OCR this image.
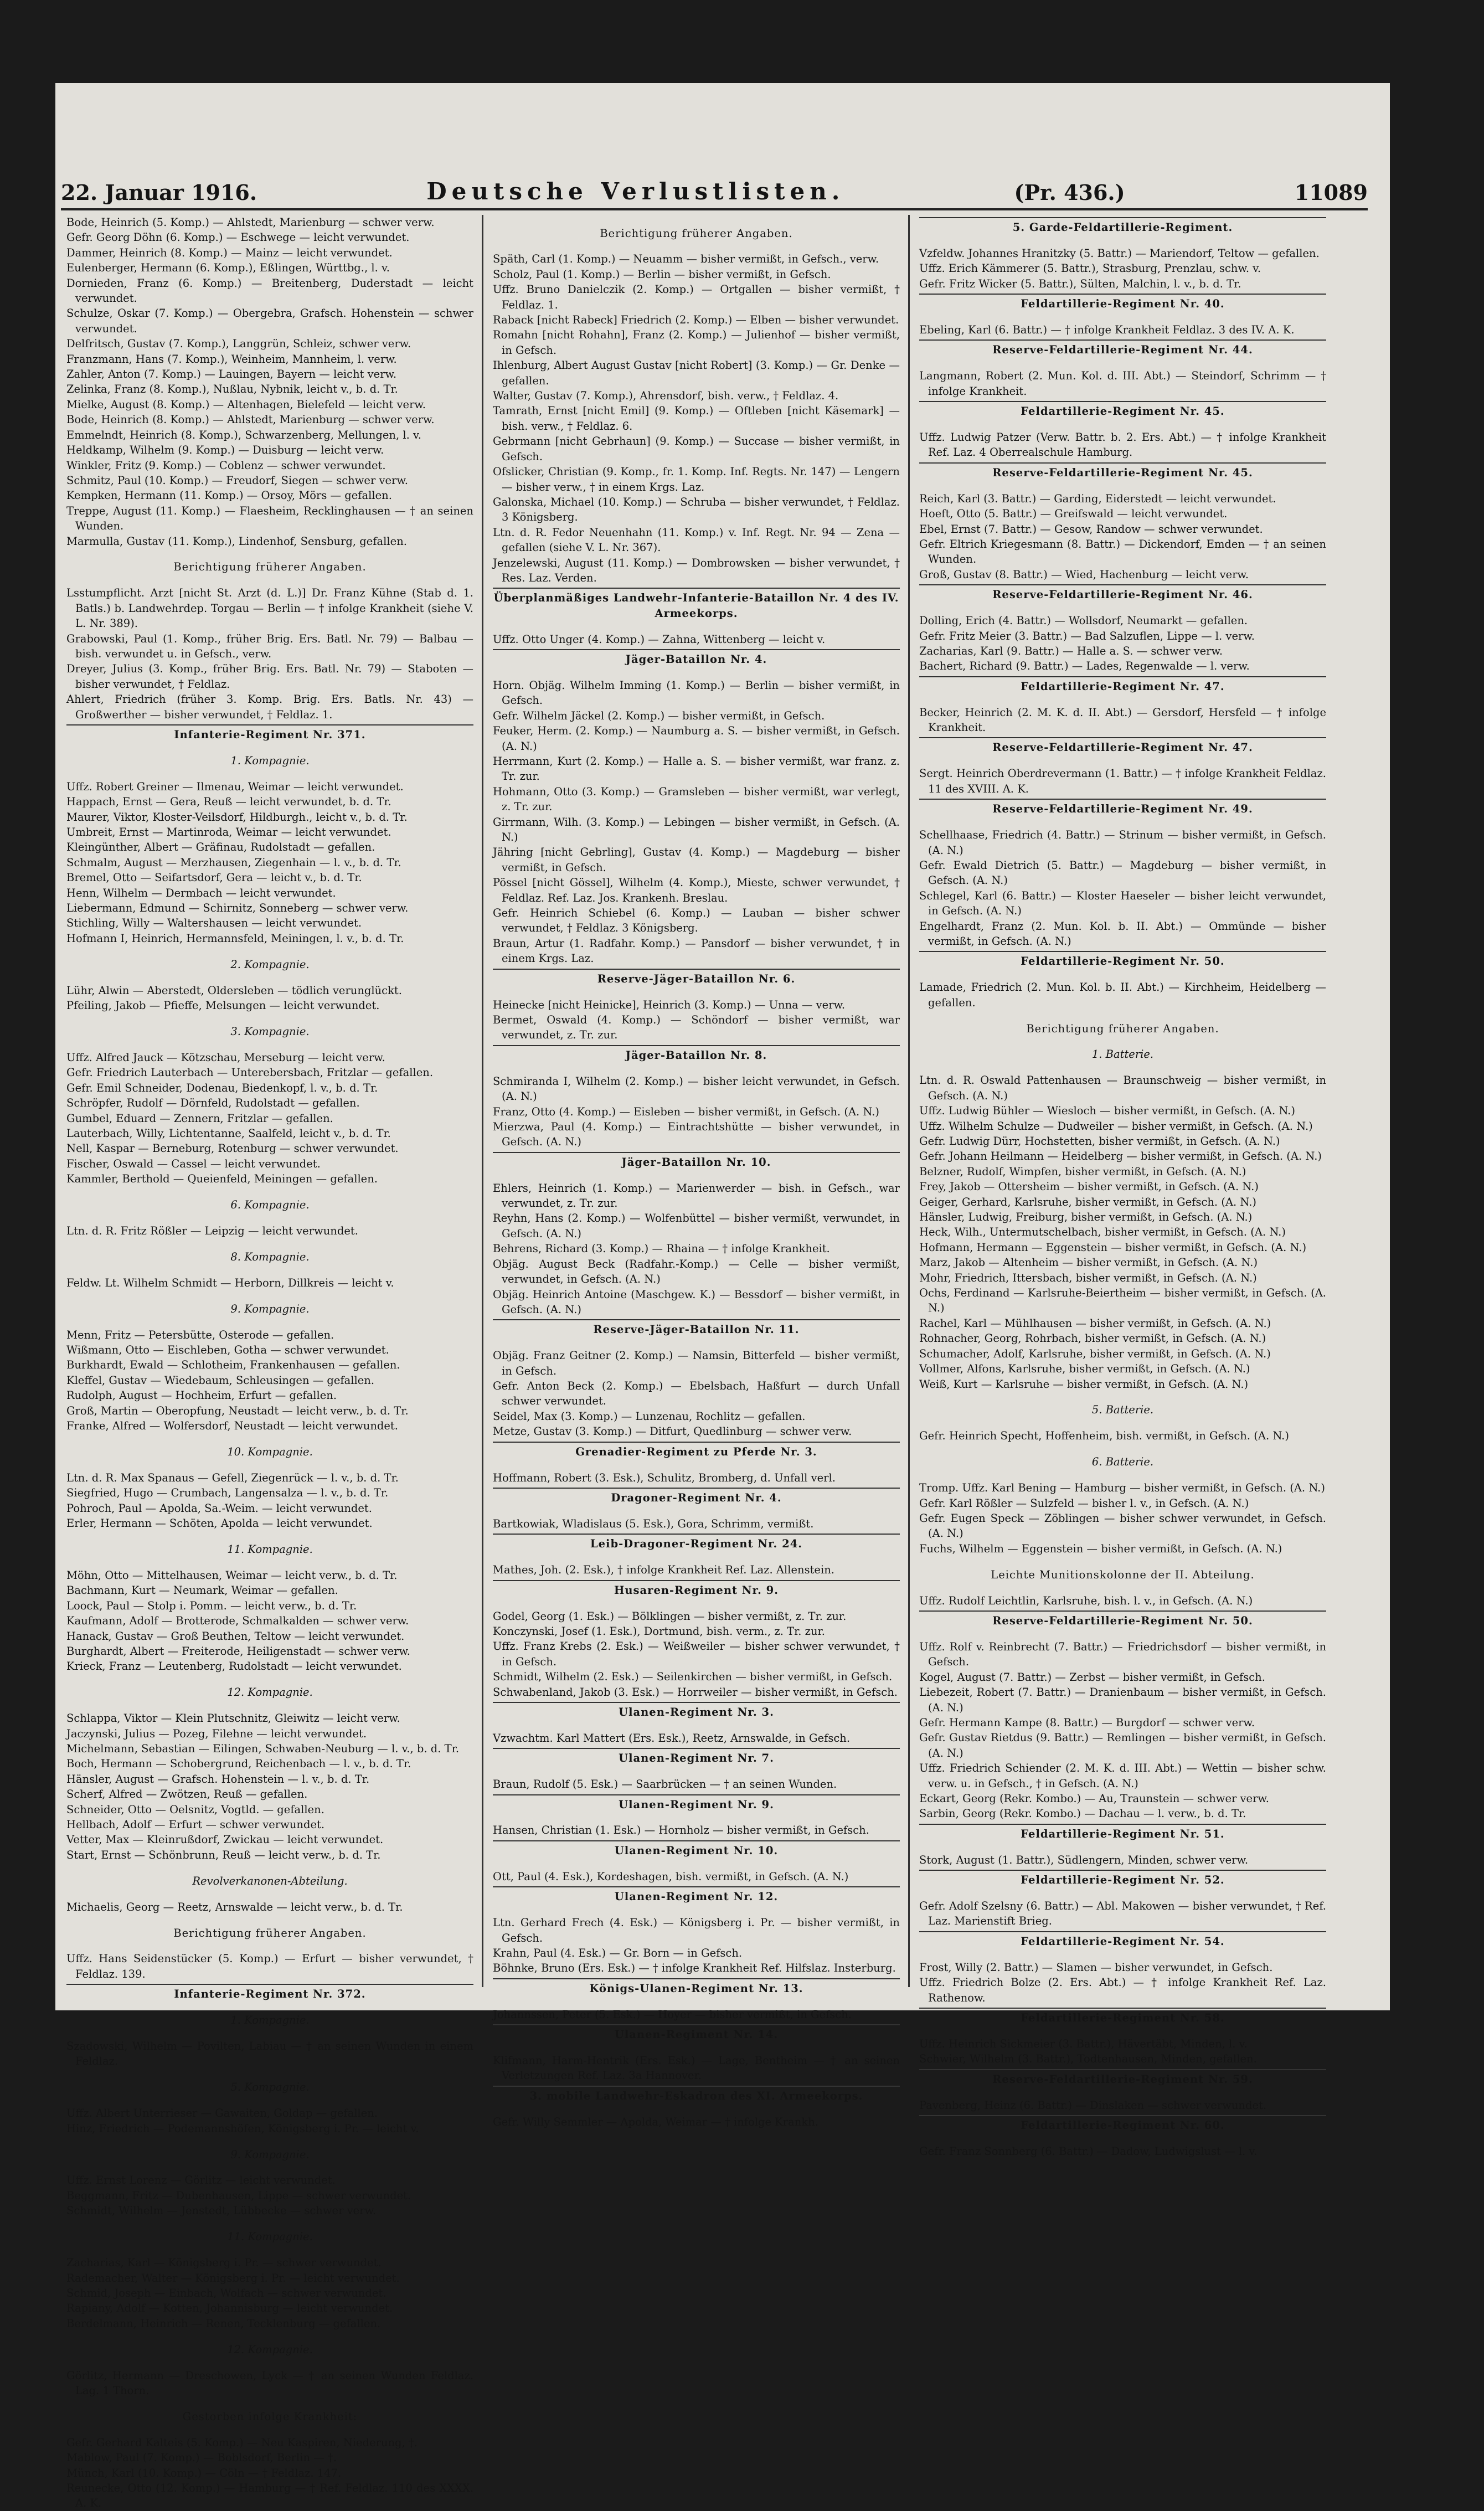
22. Januar 1916.	Deutsche Verlustlisten.	(Pr. 436.)	11089

Bode, Heinrich (5. Komp.) — Ahlstedt, Marienburg — schwer verw.

Gefr. Georg Döhn (6. Komp.) — Eschwege — leicht verwundet.

Dammer, Heinrich (8. Komp.) — Mainz — leicht verwundet.

Eulenberger, Hermann (6. Komp.), Eßlingen, Württbg., l. v.

Dornieden, Franz (6. Komp.) — Breitenberg, Duderstadt — leicht verwundet.

Schulze, Oskar (7. Komp.) — Obergebra, Grafsch. Hohenstein — schwer verwundet.

Delfritsch, Gustav (7. Komp.), Langgrün, Schleiz, schwer verw.

Franzmann, Hans (7. Komp.), Weinheim, Mannheim, l. verw.

Zahler, Anton (7. Komp.) — Lauingen, Bayern — leicht verw.

Zelinka, Franz (8. Komp.), Nußlau, Nybnik, leicht v., b. d. Tr.

Mielke, August (8. Komp.) — Altenhagen, Bielefeld — leicht verw.

Bode, Heinrich (8. Komp.) — Ahlstedt, Marienburg — schwer verw.

Emmelndt, Heinrich (8. Komp.), Schwarzenberg, Mellungen, l. v.

Heldkamp, Wilhelm (9. Komp.) — Duisburg — leicht verw.

Winkler, Fritz (9. Komp.) — Coblenz — schwer verwundet.

Schmitz, Paul (10. Komp.) — Freudorf, Siegen — schwer verw.

Kempken, Hermann (11. Komp.) — Orsoy, Mörs — gefallen.

Treppe, August (11. Komp.) — Flaesheim, Recklinghausen — † an seinen Wunden.

Marmulla, Gustav (11. Komp.), Lindenhof, Sensburg, gefallen.

Berichtigung früherer Angaben.

Lsstumpflicht. Arzt [nicht St. Arzt (d. L.)] Dr. Franz Kühne (Stab d. 1. Batls.) b. Landwehrdep. Torgau — Berlin — † infolge Krankheit (siehe V. L. Nr. 389).

Grabowski, Paul (1. Komp., früher Brig. Ers. Batl. Nr. 79) — Balbau — bish. verwundet u. in Gefsch., verw.

Dreyer, Julius (3. Komp., früher Brig. Ers. Batl. Nr. 79) — Staboten — bisher verwundet, † Feldlaz.

Ahlert, Friedrich (früher 3. Komp. Brig. Ers. Batls. Nr. 43) — Großwerther — bisher verwundet, † Feldlaz. 1.

Infanterie-Regiment Nr. 371.

1. Kompagnie.

Uffz. Robert Greiner — Ilmenau, Weimar — leicht verwundet.

Happach, Ernst — Gera, Reuß — leicht verwundet, b. d. Tr.

Maurer, Viktor, Kloster-Veilsdorf, Hildburgh., leicht v., b. d. Tr.

Umbreit, Ernst — Martinroda, Weimar — leicht verwundet.

Kleingünther, Albert — Gräfinau, Rudolstadt — gefallen.

Schmalm, August — Merzhausen, Ziegenhain — l. v., b. d. Tr.

Bremel, Otto — Seifartsdorf, Gera — leicht v., b. d. Tr.

Henn, Wilhelm — Dermbach — leicht verwundet.

Liebermann, Edmund — Schirnitz, Sonneberg — schwer verw.

Stichling, Willy — Waltershausen — leicht verwundet.

Hofmann I, Heinrich, Hermannsfeld, Meiningen, l. v., b. d. Tr.

2. Kompagnie.

Lühr, Alwin — Aberstedt, Oldersleben — tödlich verunglückt.

Pfeiling, Jakob — Pfieffe, Melsungen — leicht verwundet.

3. Kompagnie.

Uffz. Alfred Jauck — Kötzschau, Merseburg — leicht verw.

Gefr. Friedrich Lauterbach — Unterebersbach, Fritzlar — gefallen.

Gefr. Emil Schneider, Dodenau, Biedenkopf, l. v., b. d. Tr.

Schröpfer, Rudolf — Dörnfeld, Rudolstadt — gefallen.

Gumbel, Eduard — Zennern, Fritzlar — gefallen.

Lauterbach, Willy, Lichtentanne, Saalfeld, leicht v., b. d. Tr.

Nell, Kaspar — Berneburg, Rotenburg — schwer verwundet.

Fischer, Oswald — Cassel — leicht verwundet.

Kammler, Berthold — Queienfeld, Meiningen — gefallen.

6. Kompagnie.

Ltn. d. R. Fritz Rößler — Leipzig — leicht verwundet.

8. Kompagnie.

Feldw. Lt. Wilhelm Schmidt — Herborn, Dillkreis — leicht v.

9. Kompagnie.

Menn, Fritz — Petersbütte, Osterode — gefallen.

Wißmann, Otto — Eischleben, Gotha — schwer verwundet.

Burkhardt, Ewald — Schlotheim, Frankenhausen — gefallen.

Kleffel, Gustav — Wiedebaum, Schleusingen — gefallen.

Rudolph, August — Hochheim, Erfurt — gefallen.

Groß, Martin — Oberopfung, Neustadt — leicht verw., b. d. Tr.

Franke, Alfred — Wolfersdorf, Neustadt — leicht verwundet.

10. Kompagnie.

Ltn. d. R. Max Spanaus — Gefell, Ziegenrück — l. v., b. d. Tr.

Siegfried, Hugo — Crumbach, Langensalza — l. v., b. d. Tr.

Pohroch, Paul — Apolda, Sa.-Weim. — leicht verwundet.

Erler, Hermann — Schöten, Apolda — leicht verwundet.

11. Kompagnie.

Möhn, Otto — Mittelhausen, Weimar — leicht verw., b. d. Tr.

Bachmann, Kurt — Neumark, Weimar — gefallen.

Loock, Paul — Stolp i. Pomm. — leicht verw., b. d. Tr.

Kaufmann, Adolf — Brotterode, Schmalkalden — schwer verw.

Hanack, Gustav — Groß Beuthen, Teltow — leicht verwundet.

Burghardt, Albert — Freiterode, Heiligenstadt — schwer verw.

Krieck, Franz — Leutenberg, Rudolstadt — leicht verwundet.

12. Kompagnie.

Schlappa, Viktor — Klein Plutschnitz, Gleiwitz — leicht verw.

Jaczynski, Julius — Pozeg, Filehne — leicht verwundet.

Michelmann, Sebastian — Eilingen, Schwaben-Neuburg — l. v., b. d. Tr.

Boch, Hermann — Schobergrund, Reichenbach — l. v., b. d. Tr.

Hänsler, August — Grafsch. Hohenstein — l. v., b. d. Tr.

Scherf, Alfred — Zwötzen, Reuß — gefallen.

Schneider, Otto — Oelsnitz, Vogtld. — gefallen.

Hellbach, Adolf — Erfurt — schwer verwundet.

Vetter, Max — Kleinrußdorf, Zwickau — leicht verwundet.

Start, Ernst — Schönbrunn, Reuß — leicht verw., b. d. Tr.

Revolverkanonen-Abteilung.

Michaelis, Georg — Reetz, Arnswalde — leicht verw., b. d. Tr.

Berichtigung früherer Angaben.

Uffz. Hans Seidenstücker (5. Komp.) — Erfurt — bisher verwundet, † Feldlaz. 139.

Infanterie-Regiment Nr. 372.

1. Kompagnie.

Szadowski, Wilhelm — Povilten, Labiau — † an seinen Wunden in einem Feldlaz.

5. Kompagnie.

Uffz. Albert Unterrieser — Gawaiten, Goldap — gefallen.

Hinz, Friedrich — Podemannshöfen, Königsberg i. Pr. — leicht v.

9. Kompagnie.

Uffz. Ernst Lorenz — Görlitz — leicht verwundet.

Beggmann, Fritz — Dubenhausen, Lippe — schwer verwundet.

Schmidt, Wilhelm — Jenstedt, Lübbecke — schwer verw.

11. Kompagnie.

Zacharias, Karl — Königsberg i. Pr. — schwer verwundet.

Rademacher, Walter — Königsberg i. Pr. — leicht verwundet.

Schmid, Joseph — Einbach, Wolfach — schwer verwundet.

Rapiany, Adolf — Kotten, Johannisburg — leicht verwundet.

Berdelmann, Heinrich — Renen, Tecklenburg — gefallen.

12. Kompagnie.

Görlitz, Hermann — Dreschowen, Lyck — † an seinen Wunden Feldlaz. Lag. 1 Thorn.

Gestorben infolge Krankheit:

Gefr. Gerhard Kalteis (5. Komp.) — Neu Kaspiren, Niederung, †.

Mablow, Paul (7. Komp.) — Boblsdorf, Berlin — †.

Münch, Karl (10. Komp.) — Cöln — † Feldlaz. 147.

Reunecke, Otto (12. Komp.) — Hamburg — † Ref. Feldlaz. 110 des XXXX. A. K.

Berichtigung früherer Angaben.

Späth, Carl (1. Komp.) — Neuamm — bisher vermißt, in Gefsch., verw.

Scholz, Paul (1. Komp.) — Berlin — bisher vermißt, in Gefsch.

Uffz. Bruno Danielczik (2. Komp.) — Ortgallen — bisher vermißt, † Feldlaz. 1.

Raback [nicht Rabeck] Friedrich (2. Komp.) — Elben — bisher verwundet.

Romahn [nicht Rohahn], Franz (2. Komp.) — Julienhof — bisher vermißt, in Gefsch.

Ihlenburg, Albert August Gustav [nicht Robert] (3. Komp.) — Gr. Denke — gefallen.

Walter, Gustav (7. Komp.), Ahrensdorf, bish. verw., † Feldlaz. 4.

Tamrath, Ernst [nicht Emil] (9. Komp.) — Oftleben [nicht Käsemark] — bish. verw., † Feldlaz. 6.

Gebrmann [nicht Gebrhaun] (9. Komp.) — Succase — bisher vermißt, in Gefsch.

Ofslicker, Christian (9. Komp., fr. 1. Komp. Inf. Regts. Nr. 147) — Lengern — bisher verw., † in einem Krgs. Laz.

Galonska, Michael (10. Komp.) — Schruba — bisher verwundet, † Feldlaz. 3 Königsberg.

Ltn. d. R. Fedor Neuenhahn (11. Komp.) v. Inf. Regt. Nr. 94 — Zena — gefallen (siehe V. L. Nr. 367).

Jenzelewski, August (11. Komp.) — Dombrowsken — bisher verwundet, † Res. Laz. Verden.

Überplanmäßiges Landwehr-Infanterie-Bataillon Nr. 4 des IV. Armeekorps.

Uffz. Otto Unger (4. Komp.) — Zahna, Wittenberg — leicht v.

Jäger-Bataillon Nr. 4.

Horn. Objäg. Wilhelm Imming (1. Komp.) — Berlin — bisher vermißt, in Gefsch.

Gefr. Wilhelm Jäckel (2. Komp.) — bisher vermißt, in Gefsch.

Feuker, Herm. (2. Komp.) — Naumburg a. S. — bisher vermißt, in Gefsch. (A. N.)

Herrmann, Kurt (2. Komp.) — Halle a. S. — bisher vermißt, war franz. z. Tr. zur.

Hohmann, Otto (3. Komp.) — Gramsleben — bisher vermißt, war verlegt, z. Tr. zur.

Girrmann, Wilh. (3. Komp.) — Lebingen — bisher vermißt, in Gefsch. (A. N.)

Jähring [nicht Gebrling], Gustav (4. Komp.) — Magdeburg — bisher vermißt, in Gefsch.

Pössel [nicht Gössel], Wilhelm (4. Komp.), Mieste, schwer verwundet, † Feldlaz. Ref. Laz. Jos. Krankenh. Breslau.

Gefr. Heinrich Schiebel (6. Komp.) — Lauban — bisher schwer verwundet, † Feldlaz. 3 Königsberg.

Braun, Artur (1. Radfahr. Komp.) — Pansdorf — bisher verwundet, † in einem Krgs. Laz.

Reserve-Jäger-Bataillon Nr. 6.

Heinecke [nicht Heinicke], Heinrich (3. Komp.) — Unna — verw.

Bermet, Oswald (4. Komp.) — Schöndorf — bisher vermißt, war verwundet, z. Tr. zur.

Jäger-Bataillon Nr. 8.

Schmiranda I, Wilhelm (2. Komp.) — bisher leicht verwundet, in Gefsch. (A. N.)

Franz, Otto (4. Komp.) — Eisleben — bisher vermißt, in Gefsch. (A. N.)

Mierzwa, Paul (4. Komp.) — Eintrachtshütte — bisher verwundet, in Gefsch. (A. N.)

Jäger-Bataillon Nr. 10.

Ehlers, Heinrich (1. Komp.) — Marienwerder — bish. in Gefsch., war verwundet, z. Tr. zur.

Reyhn, Hans (2. Komp.) — Wolfenbüttel — bisher vermißt, verwundet, in Gefsch. (A. N.)

Behrens, Richard (3. Komp.) — Rhaina — † infolge Krankheit.

Objäg. August Beck (Radfahr.-Komp.) — Celle — bisher vermißt, verwundet, in Gefsch. (A. N.)

Objäg. Heinrich Antoine (Maschgew. K.) — Bessdorf — bisher vermißt, in Gefsch. (A. N.)

Reserve-Jäger-Bataillon Nr. 11.

Objäg. Franz Geitner (2. Komp.) — Namsin, Bitterfeld — bisher vermißt, in Gefsch.

Gefr. Anton Beck (2. Komp.) — Ebelsbach, Haßfurt — durch Unfall schwer verwundet.

Seidel, Max (3. Komp.) — Lunzenau, Rochlitz — gefallen.

Metze, Gustav (3. Komp.) — Ditfurt, Quedlinburg — schwer verw.

Grenadier-Regiment zu Pferde Nr. 3.

Hoffmann, Robert (3. Esk.), Schulitz, Bromberg, d. Unfall verl.

Dragoner-Regiment Nr. 4.

Bartkowiak, Wladislaus (5. Esk.), Gora, Schrimm, vermißt.

Leib-Dragoner-Regiment Nr. 24.

Mathes, Joh. (2. Esk.), † infolge Krankheit Ref. Laz. Allenstein.

Husaren-Regiment Nr. 9.

Godel, Georg (1. Esk.) — Bölklingen — bisher vermißt, z. Tr. zur.

Konczynski, Josef (1. Esk.), Dortmund, bish. verm., z. Tr. zur.

Uffz. Franz Krebs (2. Esk.) — Weißweiler — bisher schwer verwundet, † in Gefsch.

Schmidt, Wilhelm (2. Esk.) — Seilenkirchen — bisher vermißt, in Gefsch.

Schwabenland, Jakob (3. Esk.) — Horrweiler — bisher vermißt, in Gefsch.

Ulanen-Regiment Nr. 3.

Vzwachtm. Karl Mattert (Ers. Esk.), Reetz, Arnswalde, in Gefsch.

Ulanen-Regiment Nr. 7.

Braun, Rudolf (5. Esk.) — Saarbrücken — † an seinen Wunden.

Ulanen-Regiment Nr. 9.

Hansen, Christian (1. Esk.) — Hornholz — bisher vermißt, in Gefsch.

Ulanen-Regiment Nr. 10.

Ott, Paul (4. Esk.), Kordeshagen, bish. vermißt, in Gefsch. (A. N.)

Ulanen-Regiment Nr. 12.

Ltn. Gerhard Frech (4. Esk.) — Königsberg i. Pr. — bisher vermißt, in Gefsch.

Krahn, Paul (4. Esk.) — Gr. Born — in Gefsch.

Böhnke, Bruno (Ers. Esk.) — † infolge Krankheit Ref. Hilfslaz. Insterburg.

Königs-Ulanen-Regiment Nr. 13.

Johannssen, Peter (5. Esk.) — Hoyer — bisher vermißt, in Gefsch.

Ulanen-Regiment Nr. 14.

Klifmann, Harm-Hentrik (Ers. Esk.) — Lage, Bentheim — † an seinen Verletzungen Ref. Laz. 3a Hannover.

3. mobile Landwehr-Eskadron des XI. Armeekorps.

Gefr. Willy Semmler — Apolda, Weimar — † infolge Krankh.

5. Garde-Feldartillerie-Regiment.

Vzfeldw. Johannes Hranitzky (5. Battr.) — Mariendorf, Teltow — gefallen.

Uffz. Erich Kämmerer (5. Battr.), Strasburg, Prenzlau, schw. v.

Gefr. Fritz Wicker (5. Battr.), Sülten, Malchin, l. v., b. d. Tr.

Feldartillerie-Regiment Nr. 40.

Ebeling, Karl (6. Battr.) — † infolge Krankheit Feldlaz. 3 des IV. A. K.

Reserve-Feldartillerie-Regiment Nr. 44.

Langmann, Robert (2. Mun. Kol. d. III. Abt.) — Steindorf, Schrimm — † infolge Krankheit.

Feldartillerie-Regiment Nr. 45.

Uffz. Ludwig Patzer (Verw. Battr. b. 2. Ers. Abt.) — † infolge Krankheit Ref. Laz. 4 Oberrealschule Hamburg.

Reserve-Feldartillerie-Regiment Nr. 45.

Reich, Karl (3. Battr.) — Garding, Eiderstedt — leicht verwundet.

Hoeft, Otto (5. Battr.) — Greifswald — leicht verwundet.

Ebel, Ernst (7. Battr.) — Gesow, Randow — schwer verwundet.

Gefr. Eltrich Kriegesmann (8. Battr.) — Dickendorf, Emden — † an seinen Wunden.

Groß, Gustav (8. Battr.) — Wied, Hachenburg — leicht verw.

Reserve-Feldartillerie-Regiment Nr. 46.

Dolling, Erich (4. Battr.) — Wollsdorf, Neumarkt — gefallen.

Gefr. Fritz Meier (3. Battr.) — Bad Salzuflen, Lippe — l. verw.

Zacharias, Karl (9. Battr.) — Halle a. S. — schwer verw.

Bachert, Richard (9. Battr.) — Lades, Regenwalde — l. verw.

Feldartillerie-Regiment Nr. 47.

Becker, Heinrich (2. M. K. d. II. Abt.) — Gersdorf, Hersfeld — † infolge Krankheit.

Reserve-Feldartillerie-Regiment Nr. 47.

Sergt. Heinrich Oberdrevermann (1. Battr.) — † infolge Krankheit Feldlaz. 11 des XVIII. A. K.

Reserve-Feldartillerie-Regiment Nr. 49.

Schellhaase, Friedrich (4. Battr.) — Strinum — bisher vermißt, in Gefsch. (A. N.)

Gefr. Ewald Dietrich (5. Battr.) — Magdeburg — bisher vermißt, in Gefsch. (A. N.)

Schlegel, Karl (6. Battr.) — Kloster Haeseler — bisher leicht verwundet, in Gefsch. (A. N.)

Engelhardt, Franz (2. Mun. Kol. b. II. Abt.) — Ommünde — bisher vermißt, in Gefsch. (A. N.)

Feldartillerie-Regiment Nr. 50.

Lamade, Friedrich (2. Mun. Kol. b. II. Abt.) — Kirchheim, Heidelberg — gefallen.

Berichtigung früherer Angaben.

1. Batterie.

Ltn. d. R. Oswald Pattenhausen — Braunschweig — bisher vermißt, in Gefsch. (A. N.)

Uffz. Ludwig Bühler — Wiesloch — bisher vermißt, in Gefsch. (A. N.)

Uffz. Wilhelm Schulze — Dudweiler — bisher vermißt, in Gefsch. (A. N.)

Gefr. Ludwig Dürr, Hochstetten, bisher vermißt, in Gefsch. (A. N.)

Gefr. Johann Heilmann — Heidelberg — bisher vermißt, in Gefsch. (A. N.)

Belzner, Rudolf, Wimpfen, bisher vermißt, in Gefsch. (A. N.)

Frey, Jakob — Ottersheim — bisher vermißt, in Gefsch. (A. N.)

Geiger, Gerhard, Karlsruhe, bisher vermißt, in Gefsch. (A. N.)

Hänsler, Ludwig, Freiburg, bisher vermißt, in Gefsch. (A. N.)

Heck, Wilh., Untermutschelbach, bisher vermißt, in Gefsch. (A. N.)

Hofmann, Hermann — Eggenstein — bisher vermißt, in Gefsch. (A. N.)

Marz, Jakob — Altenheim — bisher vermißt, in Gefsch. (A. N.)

Mohr, Friedrich, Ittersbach, bisher vermißt, in Gefsch. (A. N.)

Ochs, Ferdinand — Karlsruhe-Beiertheim — bisher vermißt, in Gefsch. (A. N.)

Rachel, Karl — Mühlhausen — bisher vermißt, in Gefsch. (A. N.)

Rohnacher, Georg, Rohrbach, bisher vermißt, in Gefsch. (A. N.)

Schumacher, Adolf, Karlsruhe, bisher vermißt, in Gefsch. (A. N.)

Vollmer, Alfons, Karlsruhe, bisher vermißt, in Gefsch. (A. N.)

Weiß, Kurt — Karlsruhe — bisher vermißt, in Gefsch. (A. N.)

5. Batterie.

Gefr. Heinrich Specht, Hoffenheim, bish. vermißt, in Gefsch. (A. N.)

6. Batterie.

Tromp. Uffz. Karl Bening — Hamburg — bisher vermißt, in Gefsch. (A. N.)

Gefr. Karl Rößler — Sulzfeld — bisher l. v., in Gefsch. (A. N.)

Gefr. Eugen Speck — Zöblingen — bisher schwer verwundet, in Gefsch. (A. N.)

Fuchs, Wilhelm — Eggenstein — bisher vermißt, in Gefsch. (A. N.)

Leichte Munitionskolonne der II. Abteilung.

Uffz. Rudolf Leichtlin, Karlsruhe, bish. l. v., in Gefsch. (A. N.)

Reserve-Feldartillerie-Regiment Nr. 50.

Uffz. Rolf v. Reinbrecht (7. Battr.) — Friedrichsdorf — bisher vermißt, in Gefsch.

Kogel, August (7. Battr.) — Zerbst — bisher vermißt, in Gefsch.

Liebezeit, Robert (7. Battr.) — Dranienbaum — bisher vermißt, in Gefsch. (A. N.)

Gefr. Hermann Kampe (8. Battr.) — Burgdorf — schwer verw.

Gefr. Gustav Rietdus (9. Battr.) — Remlingen — bisher vermißt, in Gefsch. (A. N.)

Uffz. Friedrich Schiender (2. M. K. d. III. Abt.) — Wettin — bisher schw. verw. u. in Gefsch., † in Gefsch. (A. N.)

Eckart, Georg (Rekr. Kombo.) — Au, Traunstein — schwer verw.

Sarbin, Georg (Rekr. Kombo.) — Dachau — l. verw., b. d. Tr.

Feldartillerie-Regiment Nr. 51.

Stork, August (1. Battr.), Südlengern, Minden, schwer verw.

Feldartillerie-Regiment Nr. 52.

Gefr. Adolf Szelsny (6. Battr.) — Abl. Makowen — bisher verwundet, † Ref. Laz. Marienstift Brieg.

Feldartillerie-Regiment Nr. 54.

Frost, Willy (2. Battr.) — Slamen — bisher verwundet, in Gefsch.

Uffz. Friedrich Bolze (2. Ers. Abt.) — † infolge Krankheit Ref. Laz. Rathenow.

Feldartillerie-Regiment Nr. 58.

Uffz. Heinrich Sickmeier (3. Battr.), Hävertäbt, Minden, l. v.

Schwier, Wilhelm (3. Battr.), Todtenhausen, Minden, gefallen.

Reserve-Feldartillerie-Regiment Nr. 59.

Pavenberg, Heinz (6. Battr.) — Dinslaken — schwer verwundet.

Feldartillerie-Regiment Nr. 60.

Gefr. Franz Sonnberg (6. Battr.) — Dadow, Ludwigslust — l. v.
